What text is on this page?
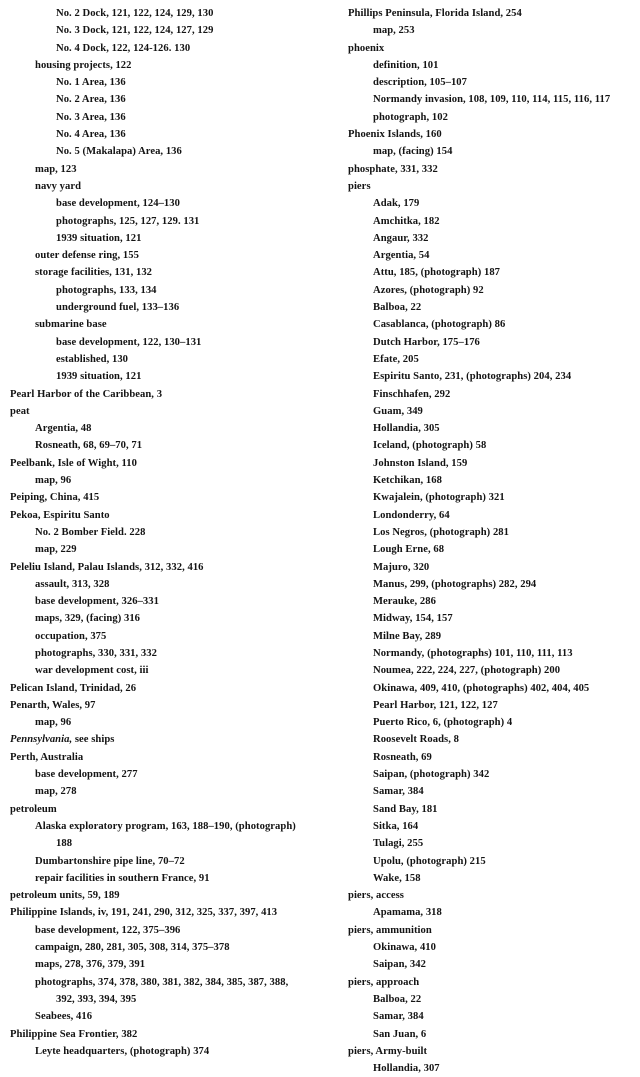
No. 2 Dock, 121, 122, 124, 129, 130
No. 3 Dock, 121, 122, 124, 127, 129
No. 4 Dock, 122, 124-126. 130
housing projects, 122
No. 1 Area, 136
No. 2 Area, 136
No. 3 Area, 136
No. 4 Area, 136
No. 5 (Makalapa) Area, 136
map, 123
navy yard
base development, 124–130
photographs, 125, 127, 129. 131
1939 situation, 121
outer defense ring, 155
storage facilities, 131, 132
photographs, 133, 134
underground fuel, 133–136
submarine base
base development, 122, 130–131
established, 130
1939 situation, 121
Pearl Harbor of the Caribbean, 3
peat
Argentia, 48
Rosneath, 68, 69–70, 71
Peelbank, Isle of Wight, 110
map, 96
Peiping, China, 415
Pekoa, Espiritu Santo
No. 2 Bomber Field. 228
map, 229
Peleliu Island, Palau Islands, 312, 332, 416
assault, 313, 328
base development, 326–331
maps, 329, (facing) 316
occupation, 375
photographs, 330, 331, 332
war development cost, iii
Pelican Island, Trinidad, 26
Penarth, Wales, 97
map, 96
Pennsylvania, see ships
Perth, Australia
base development, 277
map, 278
petroleum
Alaska exploratory program, 163, 188–190, (photograph)
188
Dumbartonshire pipe line, 70–72
repair facilities in southern France, 91
petroleum units, 59, 189
Philippine Islands, iv, 191, 241, 290, 312, 325, 337, 397, 413
base development, 122, 375–396
campaign, 280, 281, 305, 308, 314, 375–378
maps, 278, 376, 379, 391
photographs, 374, 378, 380, 381, 382, 384, 385, 387, 388,
392, 393, 394, 395
Seabees, 416
Philippine Sea Frontier, 382
Leyte headquarters, (photograph) 374
Phillips Peninsula, Florida Island, 254
map, 253
phoenix
definition, 101
description, 105–107
Normandy invasion, 108, 109, 110, 114, 115, 116, 117
photograph, 102
Phoenix Islands, 160
map, (facing) 154
phosphate, 331, 332
piers
Adak, 179
Amchitka, 182
Angaur, 332
Argentia, 54
Attu, 185, (photograph) 187
Azores, (photograph) 92
Balboa, 22
Casablanca, (photograph) 86
Dutch Harbor, 175–176
Efate, 205
Espiritu Santo, 231, (photographs) 204, 234
Finschhafen, 292
Guam, 349
Hollandia, 305
Iceland, (photograph) 58
Johnston Island, 159
Ketchikan, 168
Kwajalein, (photograph) 321
Londonderry, 64
Los Negros, (photograph) 281
Lough Erne, 68
Majuro, 320
Manus, 299, (photographs) 282, 294
Merauke, 286
Midway, 154, 157
Milne Bay, 289
Normandy, (photographs) 101, 110, 111, 113
Noumea, 222, 224, 227, (photograph) 200
Okinawa, 409, 410, (photographs) 402, 404, 405
Pearl Harbor, 121, 122, 127
Puerto Rico, 6, (photograph) 4
Roosevelt Roads, 8
Rosneath, 69
Saipan, (photograph) 342
Samar, 384
Sand Bay, 181
Sitka, 164
Tulagi, 255
Upolu, (photograph) 215
Wake, 158
piers, access
Apamama, 318
piers, ammunition
Okinawa, 410
Saipan, 342
piers, approach
Balboa, 22
Samar, 384
San Juan, 6
piers, Army-built
Hollandia, 307
